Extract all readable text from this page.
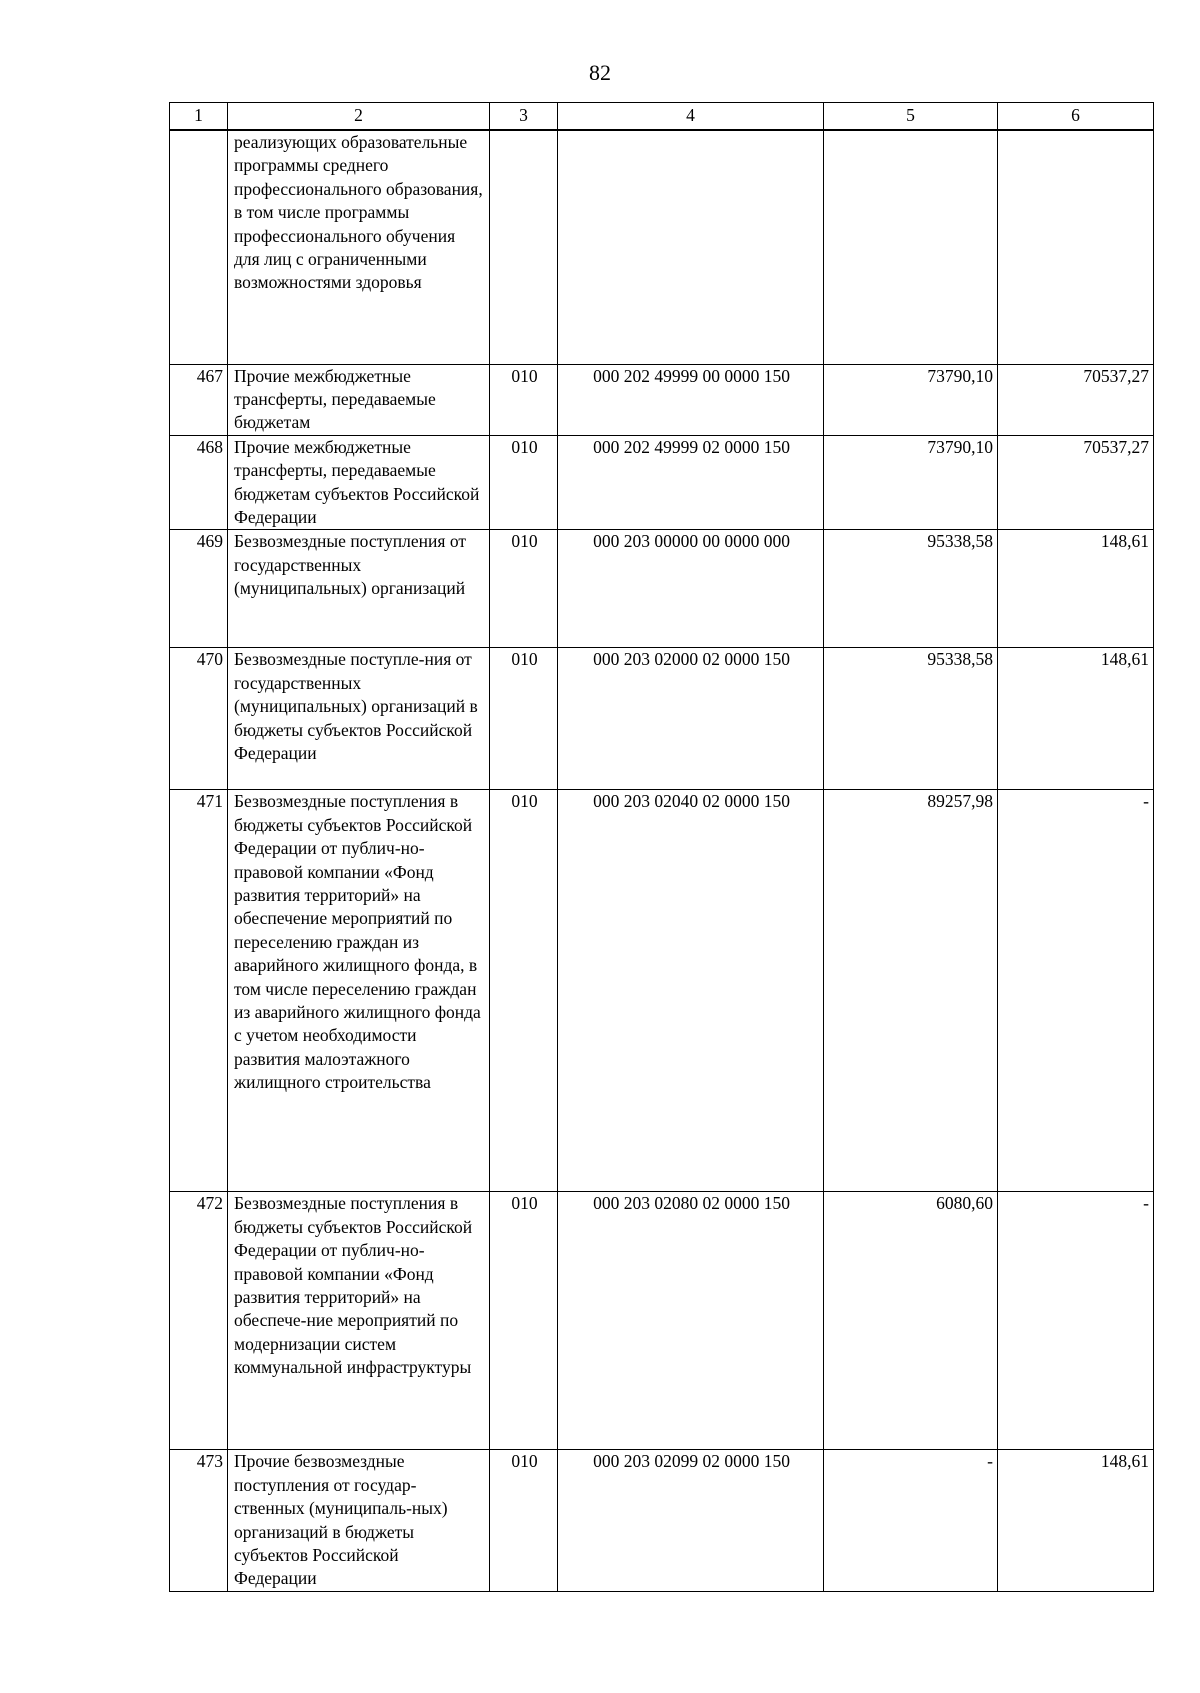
82
1	2	3	4	5	6
	реализующих образовательные программы среднего профессионального образования, в том числе программы профессионального обучения для лиц с ограниченными возможностями здоровья				
467	Прочие межбюджетные трансферты, передаваемые бюджетам	010	000 202 49999 00 0000 150	73790,10	70537,27
468	Прочие межбюджетные трансферты, передаваемые бюджетам субъектов Российской Федерации	010	000 202 49999 02 0000 150	73790,10	70537,27
469	Безвозмездные поступления от государственных (муниципальных) организаций	010	000 203 00000 00 0000 000	95338,58	148,61
470	Безвозмездные поступле-ния от государственных (муниципальных) организаций в бюджеты субъектов Российской Федерации	010	000 203 02000 02 0000 150	95338,58	148,61
471	Безвозмездные поступления в бюджеты субъектов Российской Федерации от публич-но-правовой компании «Фонд развития территорий» на обеспечение мероприятий по переселению граждан из аварийного жилищного фонда, в том числе переселению граждан из аварийного жилищного фонда с учетом необходимости развития малоэтажного жилищного строительства	010	000 203 02040 02 0000 150	89257,98	-
472	Безвозмездные поступления в бюджеты субъектов Российской Федерации от публич-но-правовой компании «Фонд развития территорий» на обеспече-ние мероприятий по модернизации систем коммунальной инфраструктуры	010	000 203 02080 02 0000 150	6080,60	-
473	Прочие безвозмездные поступления от государ-ственных (муниципаль-ных) организаций в бюджеты субъектов Российской Федерации	010	000 203 02099 02 0000 150	-	148,61
